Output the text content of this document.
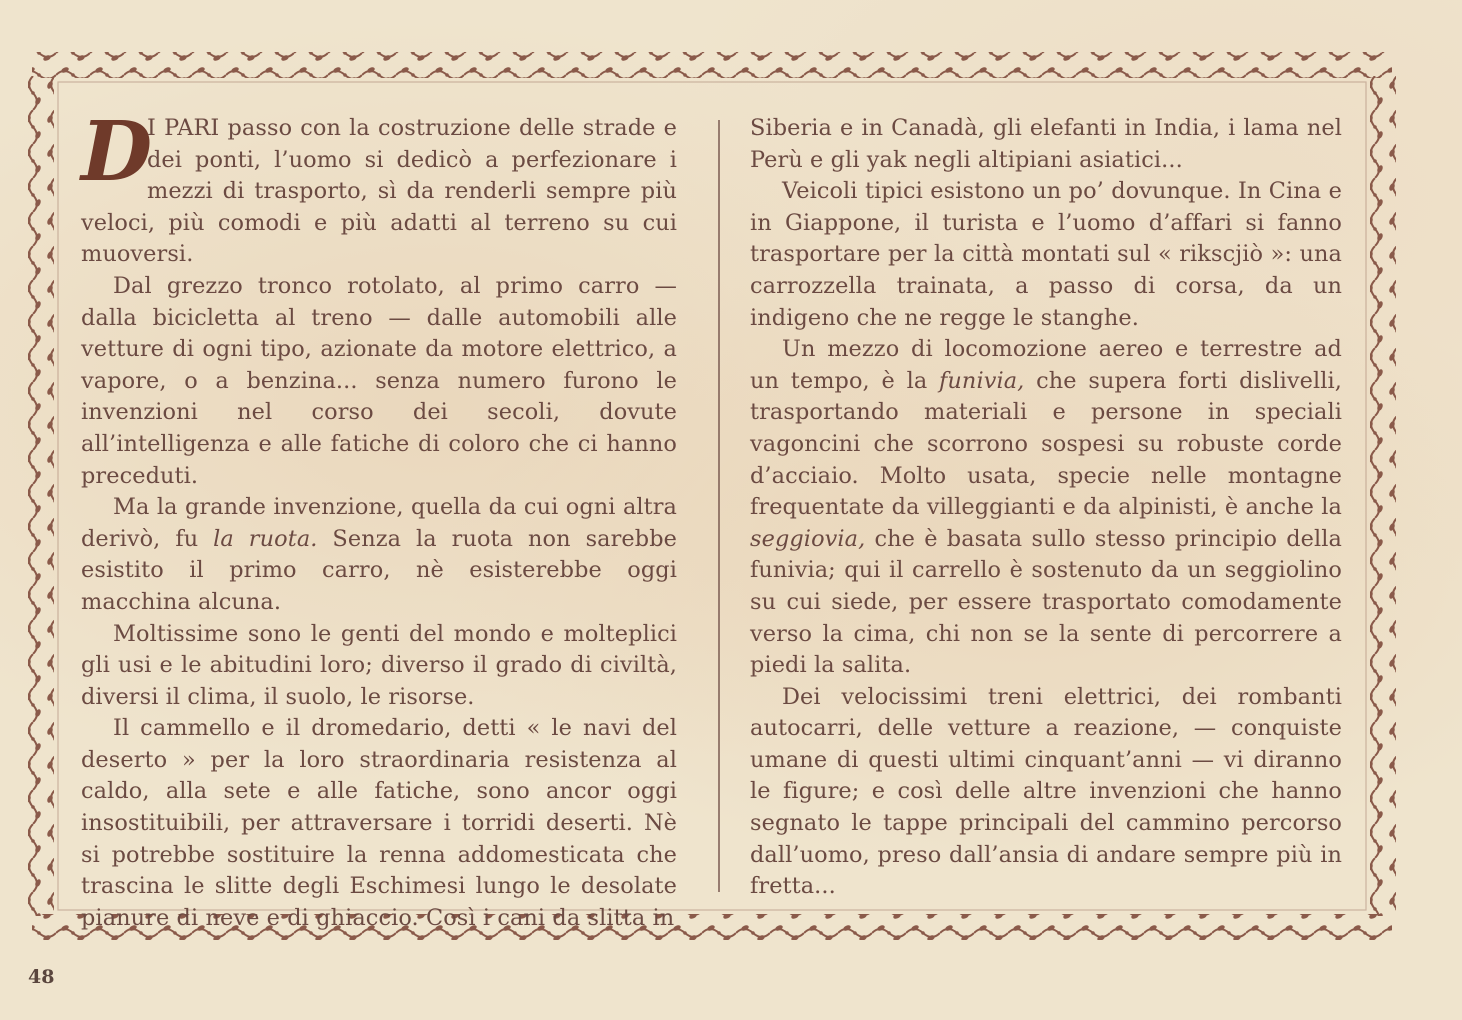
D
I PARI passo con la costruzione delle strade e dei ponti, l’uomo si dedicò a perfezionare i mezzi di trasporto, sì da renderli sempre più veloci, più comodi e più adatti al terreno su cui muoversi.

Dal grezzo tronco rotolato, al primo carro — dalla bicicletta al treno — dalle automobili alle vetture di ogni tipo, azionate da motore elettrico, a vapore, o a benzina... senza numero furono le invenzioni nel corso dei secoli, dovute all’intelligenza e alle fatiche di coloro che ci hanno preceduti.

Ma la grande invenzione, quella da cui ogni altra derivò, fu la ruota. Senza la ruota non sarebbe esistito il primo carro, nè esisterebbe oggi macchina alcuna.

Moltissime sono le genti del mondo e molteplici gli usi e le abitudini loro; diverso il grado di civiltà, diversi il clima, il suolo, le risorse.

Il cammello e il dromedario, detti « le navi del deserto » per la loro straordinaria resistenza al caldo, alla sete e alle fatiche, sono ancor oggi insostituibili, per attraversare i torridi deserti. Nè si potrebbe sostituire la renna addomesticata che trascina le slitte degli Eschimesi lungo le desolate pianure di neve e di ghiaccio. Così i cani da slitta in

Siberia e in Canadà, gli elefanti in India, i lama nel Perù e gli yak negli altipiani asiatici...

Veicoli tipici esistono un po’ dovunque. In Cina e in Giappone, il turista e l’uomo d’affari si fanno trasportare per la città montati sul « rikscjiò »: una carrozzella trainata, a passo di corsa, da un indigeno che ne regge le stanghe.

Un mezzo di locomozione aereo e terrestre ad un tempo, è la funivia, che supera forti dislivelli, trasportando materiali e persone in speciali vagoncini che scorrono sospesi su robuste corde d’acciaio. Molto usata, specie nelle montagne frequentate da villeggianti e da alpinisti, è anche la seggiovia, che è basata sullo stesso principio della funivia; qui il carrello è sostenuto da un seggiolino su cui siede, per essere trasportato comodamente verso la cima, chi non se la sente di percorrere a piedi la salita.

Dei velocissimi treni elettrici, dei rombanti autocarri, delle vetture a reazione, — conquiste umane di questi ultimi cinquant’anni — vi diranno le figure; e così delle altre invenzioni che hanno segnato le tappe principali del cammino percorso dall’uomo, preso dall’ansia di andare sempre più in fretta...

48
